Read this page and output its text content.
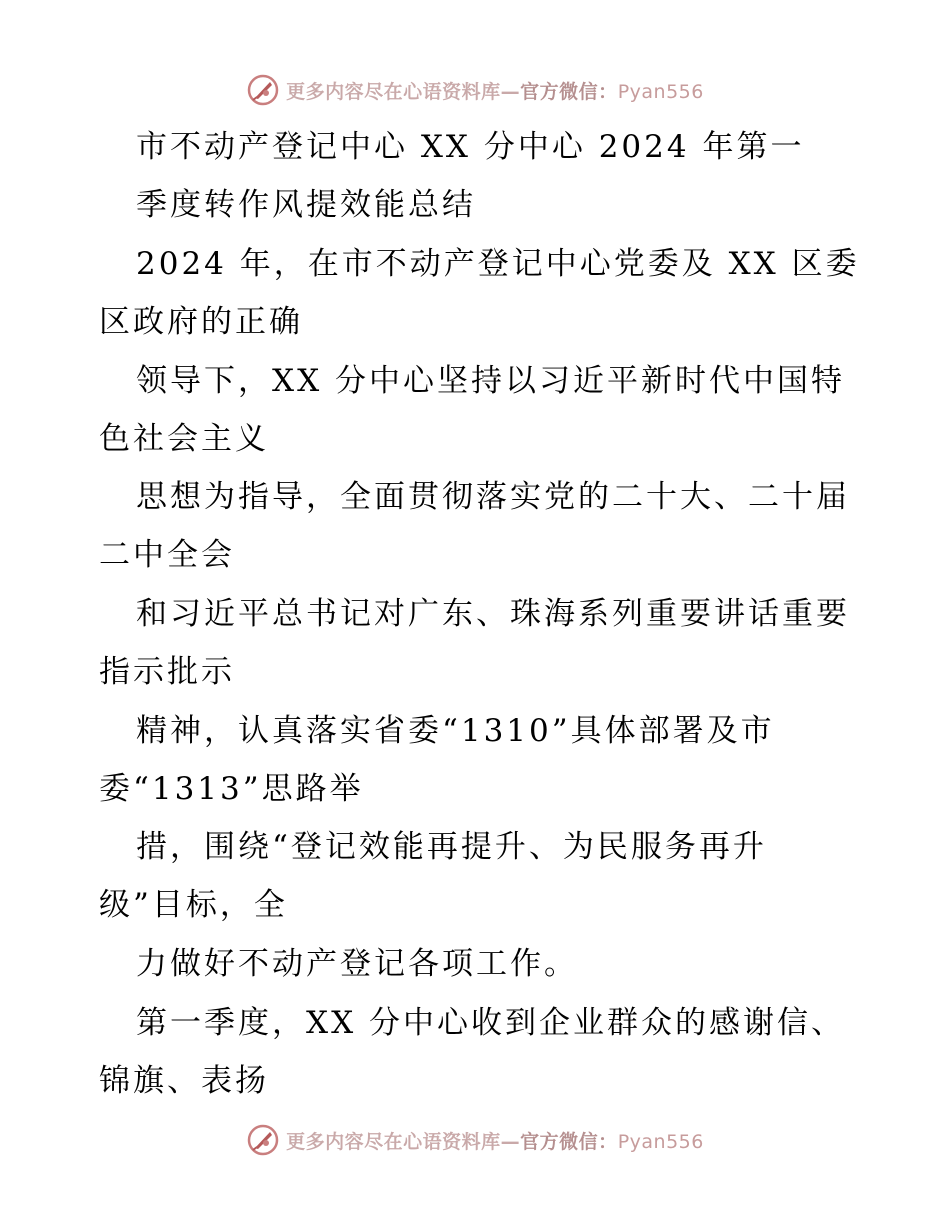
更多内容尽在心语资料库—官方微信：Pyan556
市不动产登记中心 XX 分中心 2024 年第一
季度转作风提效能总结
2024 年，在市不动产登记中心党委及 XX 区委
区政府的正确
领导下，XX 分中心坚持以习近平新时代中国特
色社会主义
思想为指导，全面贯彻落实党的二十大、二十届
二中全会
和习近平总书记对广东、珠海系列重要讲话重要
指示批示
精神，认真落实省委“1310”具体部署及市
委“1313”思路举
措，围绕“登记效能再提升、为民服务再升
级”目标，全
力做好不动产登记各项工作。
第一季度，XX 分中心收到企业群众的感谢信、
锦旗、表扬
更多内容尽在心语资料库—官方微信：Pyan556
